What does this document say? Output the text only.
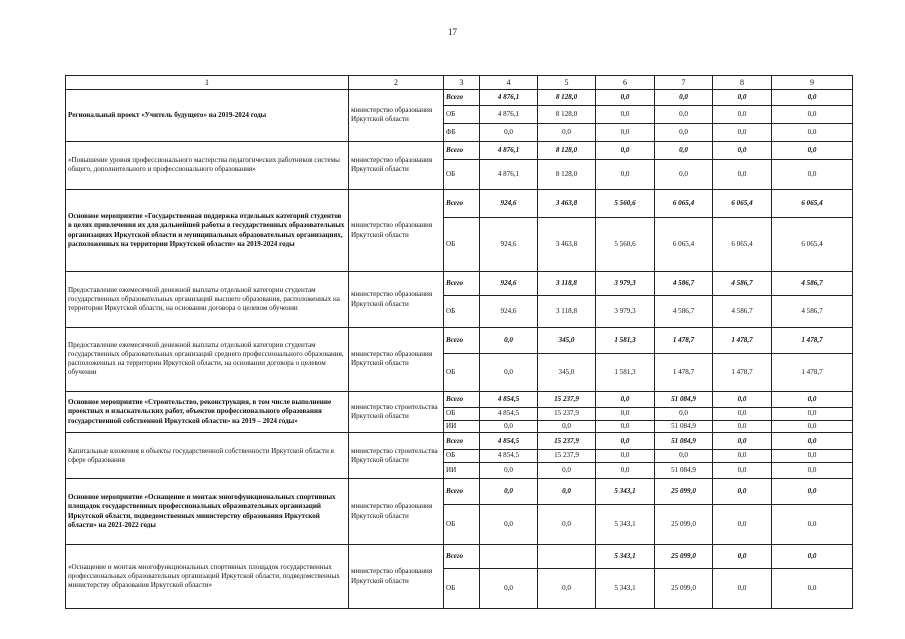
17
1	2	3	4	5	6	7	8	9
Региональный проект «Учитель будущего» на 2019-2024 годы	министерство образования Иркутской области	Всего	4 876,1	8 128,0	0,0	0,0	0,0	0,0
		ОБ	4 876,1	8 128,0	0,0	0,0	0,0	0,0
		ФБ	0,0	0,0	0,0	0,0	0,0	0,0
«Повышение уровня профессионального мастерства педагогических работников системы общего, дополнительного и профессионального образования»	министерство образования Иркутской области	Всего	4 876,1	8 128,0	0,0	0,0	0,0	0,0
		ОБ	4 876,1	8 128,0	0,0	0,0	0,0	0,0
Основное мероприятие «Государственная поддержка отдельных категорий студентов в целях привлечения их для дальнейшей работы в государственных образовательных организациях Иркутской области и муниципальных образовательных организациях, расположенных на территории Иркутской области» на 2019-2024 годы	министерство образования Иркутской области	Всего	924,6	3 463,8	5 560,6	6 065,4	6 065,4	6 065,4
		ОБ	924,6	3 463,8	5 560,6	6 065,4	6 065,4	6 065,4
Предоставление ежемесячной денежной выплаты отдельной категории студентам государственных образовательных организаций высшего образования, расположенных на территории Иркутской области, на основании договора о целевом обучении	министерство образования Иркутской области	Всего	924,6	3 118,8	3 979,3	4 586,7	4 586,7	4 586,7
		ОБ	924,6	3 118,8	3 979,3	4 586,7	4 586,7	4 586,7
Предоставление ежемесячной денежной выплаты отдельной категории студентам государственных образовательных организаций среднего профессионального образования, расположенных на территории Иркутской области, на основании договора о целевом обучении	министерство образования Иркутской области	Всего	0,0	345,0	1 581,3	1 478,7	1 478,7	1 478,7
		ОБ	0,0	345,0	1 581,3	1 478,7	1 478,7	1 478,7
Основное мероприятие «Строительство, реконструкция, в том числе выполнение проектных и изыскательских работ, объектов профессионального образования государственной собственной Иркутской области» на 2019 – 2024 годы»	министерство строительства Иркутской области	Всего	4 854,5	15 237,9	0,0	51 084,9	0,0	0,0
		ОБ	4 854,5	15 237,9	0,0	0,0	0,0	0,0
		ИИ	0,0	0,0	0,0	51 084,9	0,0	0,0
Капитальные вложения в объекты государственной собственности Иркутской области в сфере образования	министерство строительства Иркутской области	Всего	4 854,5	15 237,9	0,0	51 084,9	0,0	0,0
		ОБ	4 854,5	15 237,9	0,0	0,0	0,0	0,0
		ИИ	0,0	0,0	0,0	51 084,9	0,0	0,0
Основное мероприятие «Оснащение и монтаж многофункциональных спортивных площадок государственных профессиональных образовательных организаций Иркутской области, подведомственных министерству образования Иркутской области» на 2021-2022 годы	министерство образования Иркутской области	Всего	0,0	0,0	5 343,1	25 099,0	0,0	0,0
		ОБ	0,0	0,0	5 343,1	25 099,0	0,0	0,0
«Оснащение и монтаж многофункциональных спортивных площадок государственных профессиональных образовательных организаций Иркутской области, подведомственных министерству образования Иркутской области»	министерство образования Иркутской области	Всего			5 343,1	25 099,0	0,0	0,0
		ОБ	0,0	0,0	5 343,1	25 099,0	0,0	0,0
